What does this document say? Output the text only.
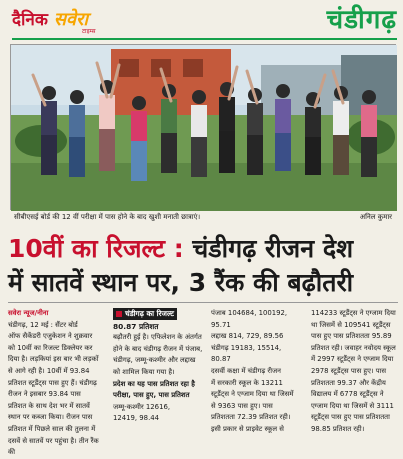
दैनिक सवेरा
टाइम्स	चंडीगढ़
सीबीएसई बोर्ड की 12 वीं परीक्षा में पास होने के बाद खुशी मनाती छात्राएं।	अनिल कुमार
10वीं का रिजल्ट : चंडीगढ़ रीजन देश
में सातवें स्थान पर, 3 रैंक की बढ़ौतरी

सवेरा न्यूज/नीना

चंडीगढ़, 12 मई : सैंटर बोर्ड

ऑफ सैकेंडरी एजुकेशन ने शुक्रवार

को 10वीं का रिजल्ट डिक्लेयर कर

दिया है। लड़कियां इस बार भी लड़कों

से आगे रही है। 10वीं में 93.84

प्रतिशत स्टूडैंट्स पास हुए हैं। चंडीगढ़

रीजन ने इसबार 93.84 पास

प्रतिशत के साथ देश भर में सातवें

स्थान पर कब्जा किया। रीजन पास

प्रतिशत में पिछले साल की तुलना में

दसवें से सातवें पर पहुंचा है। तीन रैंक की

चंडीगढ़ का रिजल्ट

80.87 प्रतिशत

बढ़ौतरी हुई है। एफिलेशन के अंतर्गत

होने के बाद चंडीगढ़ रीजन में पंजाब,

चंडीगढ़, जम्मू-कश्मीर और लद्दाख

को शामिल किया गया है।

प्रदेश का यह पास प्रतिशत रहा है

परीक्षा, पास हुए, पास प्रतिशत

जम्मू-कश्मीर 12616,

12419, 98.44

पंजाब 104684, 100192,

95.71

लद्दाख 814, 729, 89.56

चंडीगढ़ 19183, 15514,

80.87

दसवीं कक्षा में चंडीगढ़ रीजन

में सरकारी स्कूल के 13211

स्टूडैंट्स ने एग्जाम दिया था जिसमें

से 9363 पास हुए। पास

प्रतिशतता 72.39 प्रतिशत रही।

इसी प्रकार से प्राइवेट स्कूल से

114233 स्टूडैंट्स ने एग्जाम दिया

था जिसमें से 109541 स्टूडैंट्स

पास हुए पास प्रतिशतता 95.89

प्रतिशत रही। जवाहर नवोदय स्कूल

में 2997 स्टूडैंट्स ने एग्जाम दिया

2978 स्टूडैंट्स पास हुए। पास

प्रतिशतता 99.37 और केंद्रीय

विद्यालय में 6778 स्टूडैंट्स ने

एग्जाम दिया था जिसमें से 3111

स्टूडैंट्स पास हुए पास प्रतिशतता

98.85 प्रतिशत रही।
